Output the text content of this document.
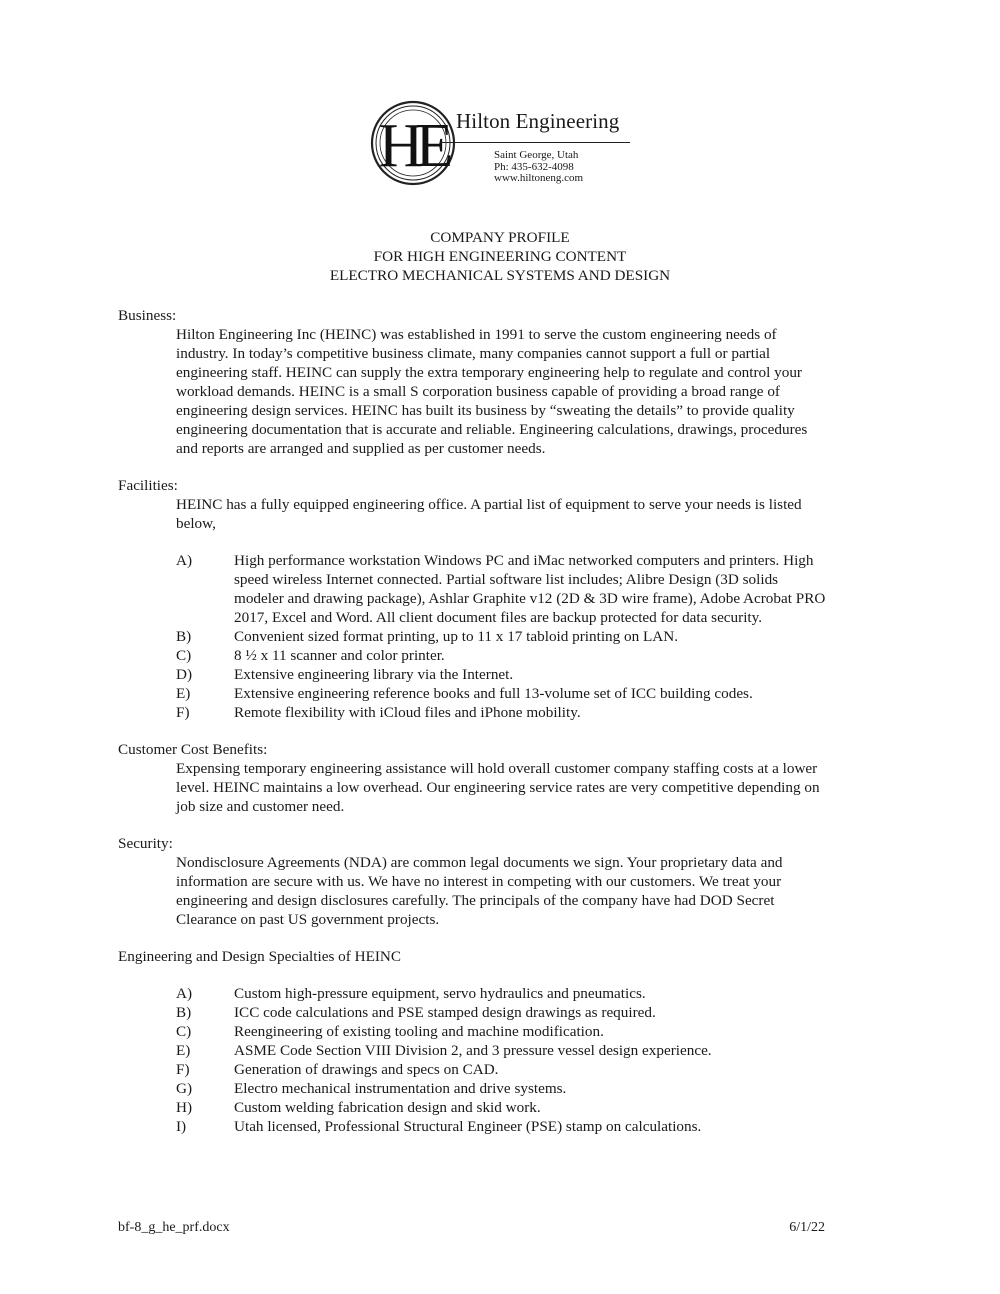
HE Hilton Engineering
Saint George, Utah
Ph: 435-632-4098
www.hiltoneng.com
COMPANY PROFILE
FOR HIGH ENGINEERING CONTENT
ELECTRO MECHANICAL SYSTEMS AND DESIGN
Business:
Hilton Engineering Inc (HEINC) was established in 1991 to serve the custom engineering needs of
industry. In today’s competitive business climate, many companies cannot support a full or partial
engineering staff. HEINC can supply the extra temporary engineering help to regulate and control your
workload demands. HEINC is a small S corporation business capable of providing a broad range of
engineering design services. HEINC has built its business by “sweating the details” to provide quality
engineering documentation that is accurate and reliable. Engineering calculations, drawings, procedures
and reports are arranged and supplied as per customer needs.
Facilities:
HEINC has a fully equipped engineering office. A partial list of equipment to serve your needs is listed
below,
A)	High performance workstation Windows PC and iMac networked computers and printers. High
speed wireless Internet connected. Partial software list includes; Alibre Design (3D solids
modeler and drawing package), Ashlar Graphite v12 (2D & 3D wire frame), Adobe Acrobat PRO
2017, Excel and Word. All client document files are backup protected for data security.
B)	Convenient sized format printing, up to 11 x 17 tabloid printing on LAN.
C)	8 ½ x 11 scanner and color printer.
D)	Extensive engineering library via the Internet.
E)	Extensive engineering reference books and full 13-volume set of ICC building codes.
F)	Remote flexibility with iCloud files and iPhone mobility.
Customer Cost Benefits:
Expensing temporary engineering assistance will hold overall customer company staffing costs at a lower
level. HEINC maintains a low overhead. Our engineering service rates are very competitive depending on
job size and customer need.
Security:
Nondisclosure Agreements (NDA) are common legal documents we sign. Your proprietary data and
information are secure with us. We have no interest in competing with our customers. We treat your
engineering and design disclosures carefully. The principals of the company have had DOD Secret
Clearance on past US government projects.
Engineering and Design Specialties of HEINC
A)	Custom high-pressure equipment, servo hydraulics and pneumatics.
B)	ICC code calculations and PSE stamped design drawings as required.
C)	Reengineering of existing tooling and machine modification.
E)	ASME Code Section VIII Division 2, and 3 pressure vessel design experience.
F)	Generation of drawings and specs on CAD.
G)	Electro mechanical instrumentation and drive systems.
H)	Custom welding fabrication design and skid work.
I)	Utah licensed, Professional Structural Engineer (PSE) stamp on calculations.
bf-8_g_he_prf.docx	6/1/22
